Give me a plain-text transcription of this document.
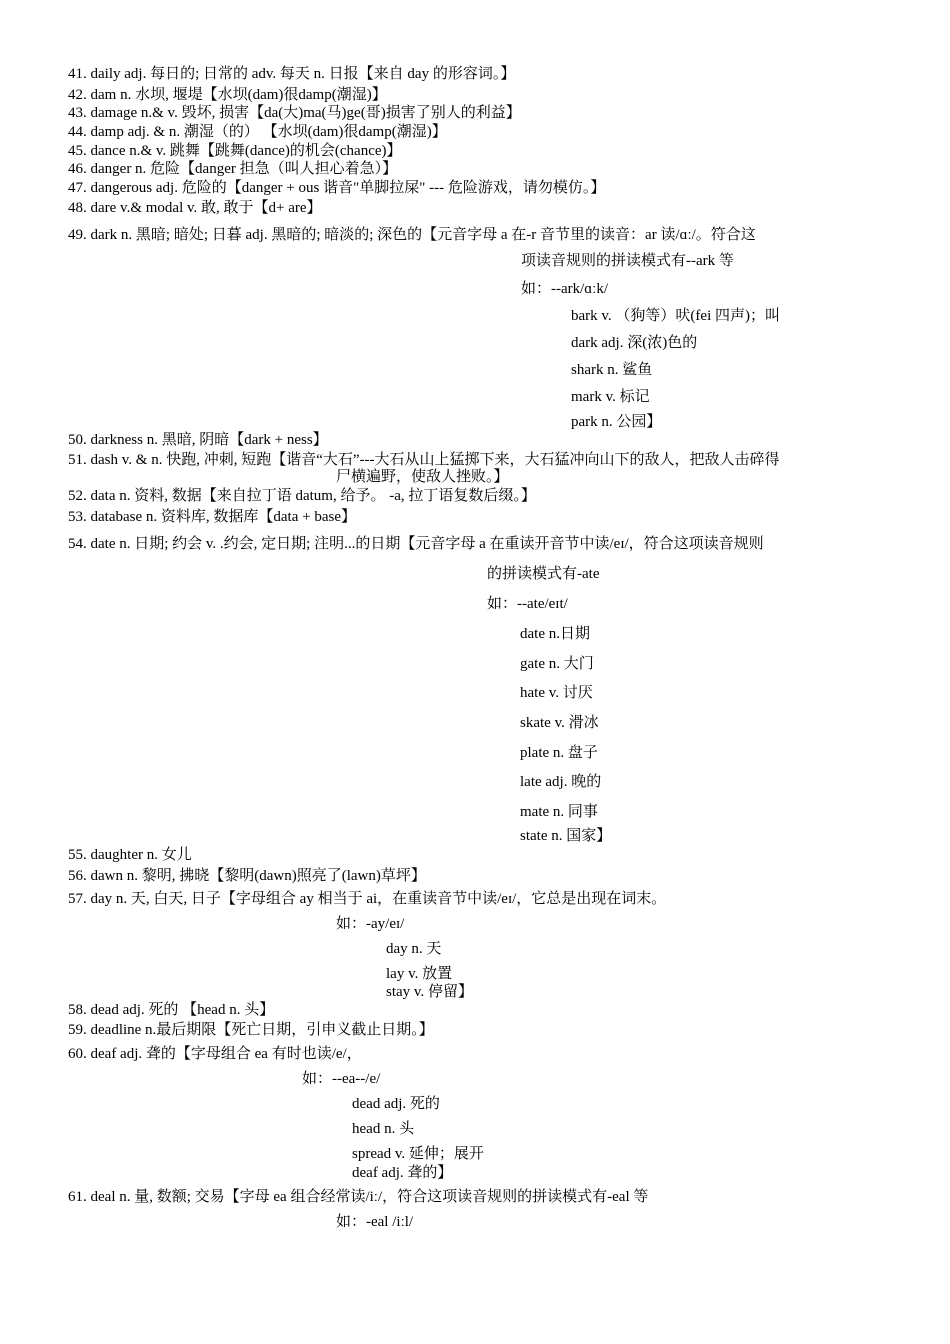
41. daily adj. 每日的; 日常的 adv. 每天 n. 日报【来自 day 的形容词。】
42. dam n. 水坝, 堰堤【水坝(dam)很damp(潮湿)】
43. damage n.& v. 毁坏, 损害【da(大)ma(马)ge(哥)损害了别人的利益】
44. damp adj. & n. 潮湿（的） 【水坝(dam)很damp(潮湿)】
45. dance n.& v. 跳舞【跳舞(dance)的机会(chance)】
46. danger n. 危险【danger 担急（叫人担心着急）】
47. dangerous adj. 危险的【danger + ous 谐音"单脚拉屎" --- 危险游戏，请勿模仿。】
48. dare v.& modal v. 敢, 敢于【d+ are】
49. dark n. 黑暗; 暗处; 日暮 adj. 黑暗的; 暗淡的; 深色的【元音字母 a 在-r 音节里的读音：ar 读/ɑː/。符合这
项读音规则的拼读模式有--ark 等
如：--ark/ɑːk/
bark v. （狗等）吠(fei 四声)；叫
dark adj. 深(浓)色的
shark n. 鲨鱼
mark v. 标记
park n. 公园】
50. darkness n. 黑暗, 阴暗【dark + ness】
51. dash v. & n. 快跑, 冲刺, 短跑【谐音“大石”---大石从山上猛掷下来，大石猛冲向山下的敌人，把敌人击碎得
尸横遍野，使敌人挫败。】
52. data n. 资料, 数据【来自拉丁语 datum, 给予。 -a, 拉丁语复数后缀。】
53. database n. 资料库, 数据库【data + base】
54. date n. 日期; 约会 v. .约会, 定日期; 注明...的日期【元音字母 a 在重读开音节中读/eɪ/，符合这项读音规则
的拼读模式有-ate
如：--ate/eɪt/
date n.日期
gate n. 大门
hate v. 讨厌
skate v. 滑冰
plate n. 盘子
late adj. 晚的
mate n. 同事
state n. 国家】
55. daughter n. 女儿
56. dawn n. 黎明, 拂晓【黎明(dawn)照亮了(lawn)草坪】
57. day n. 天, 白天, 日子【字母组合 ay 相当于 ai，在重读音节中读/eɪ/，它总是出现在词末。
如：-ay/eɪ/
day n. 天
lay v. 放置
stay v. 停留】
58. dead adj. 死的 【head n. 头】
59. deadline n.最后期限【死亡日期，引申义截止日期。】
60. deaf adj. 聋的【字母组合 ea 有时也读/e/，
如：--ea--/e/
dead adj. 死的
head n. 头
spread v. 延伸；展开
deaf adj. 聋的】
61. deal n. 量, 数额; 交易【字母 ea 组合经常读/iː/，符合这项读音规则的拼读模式有-eal 等
如：-eal /iːl/
